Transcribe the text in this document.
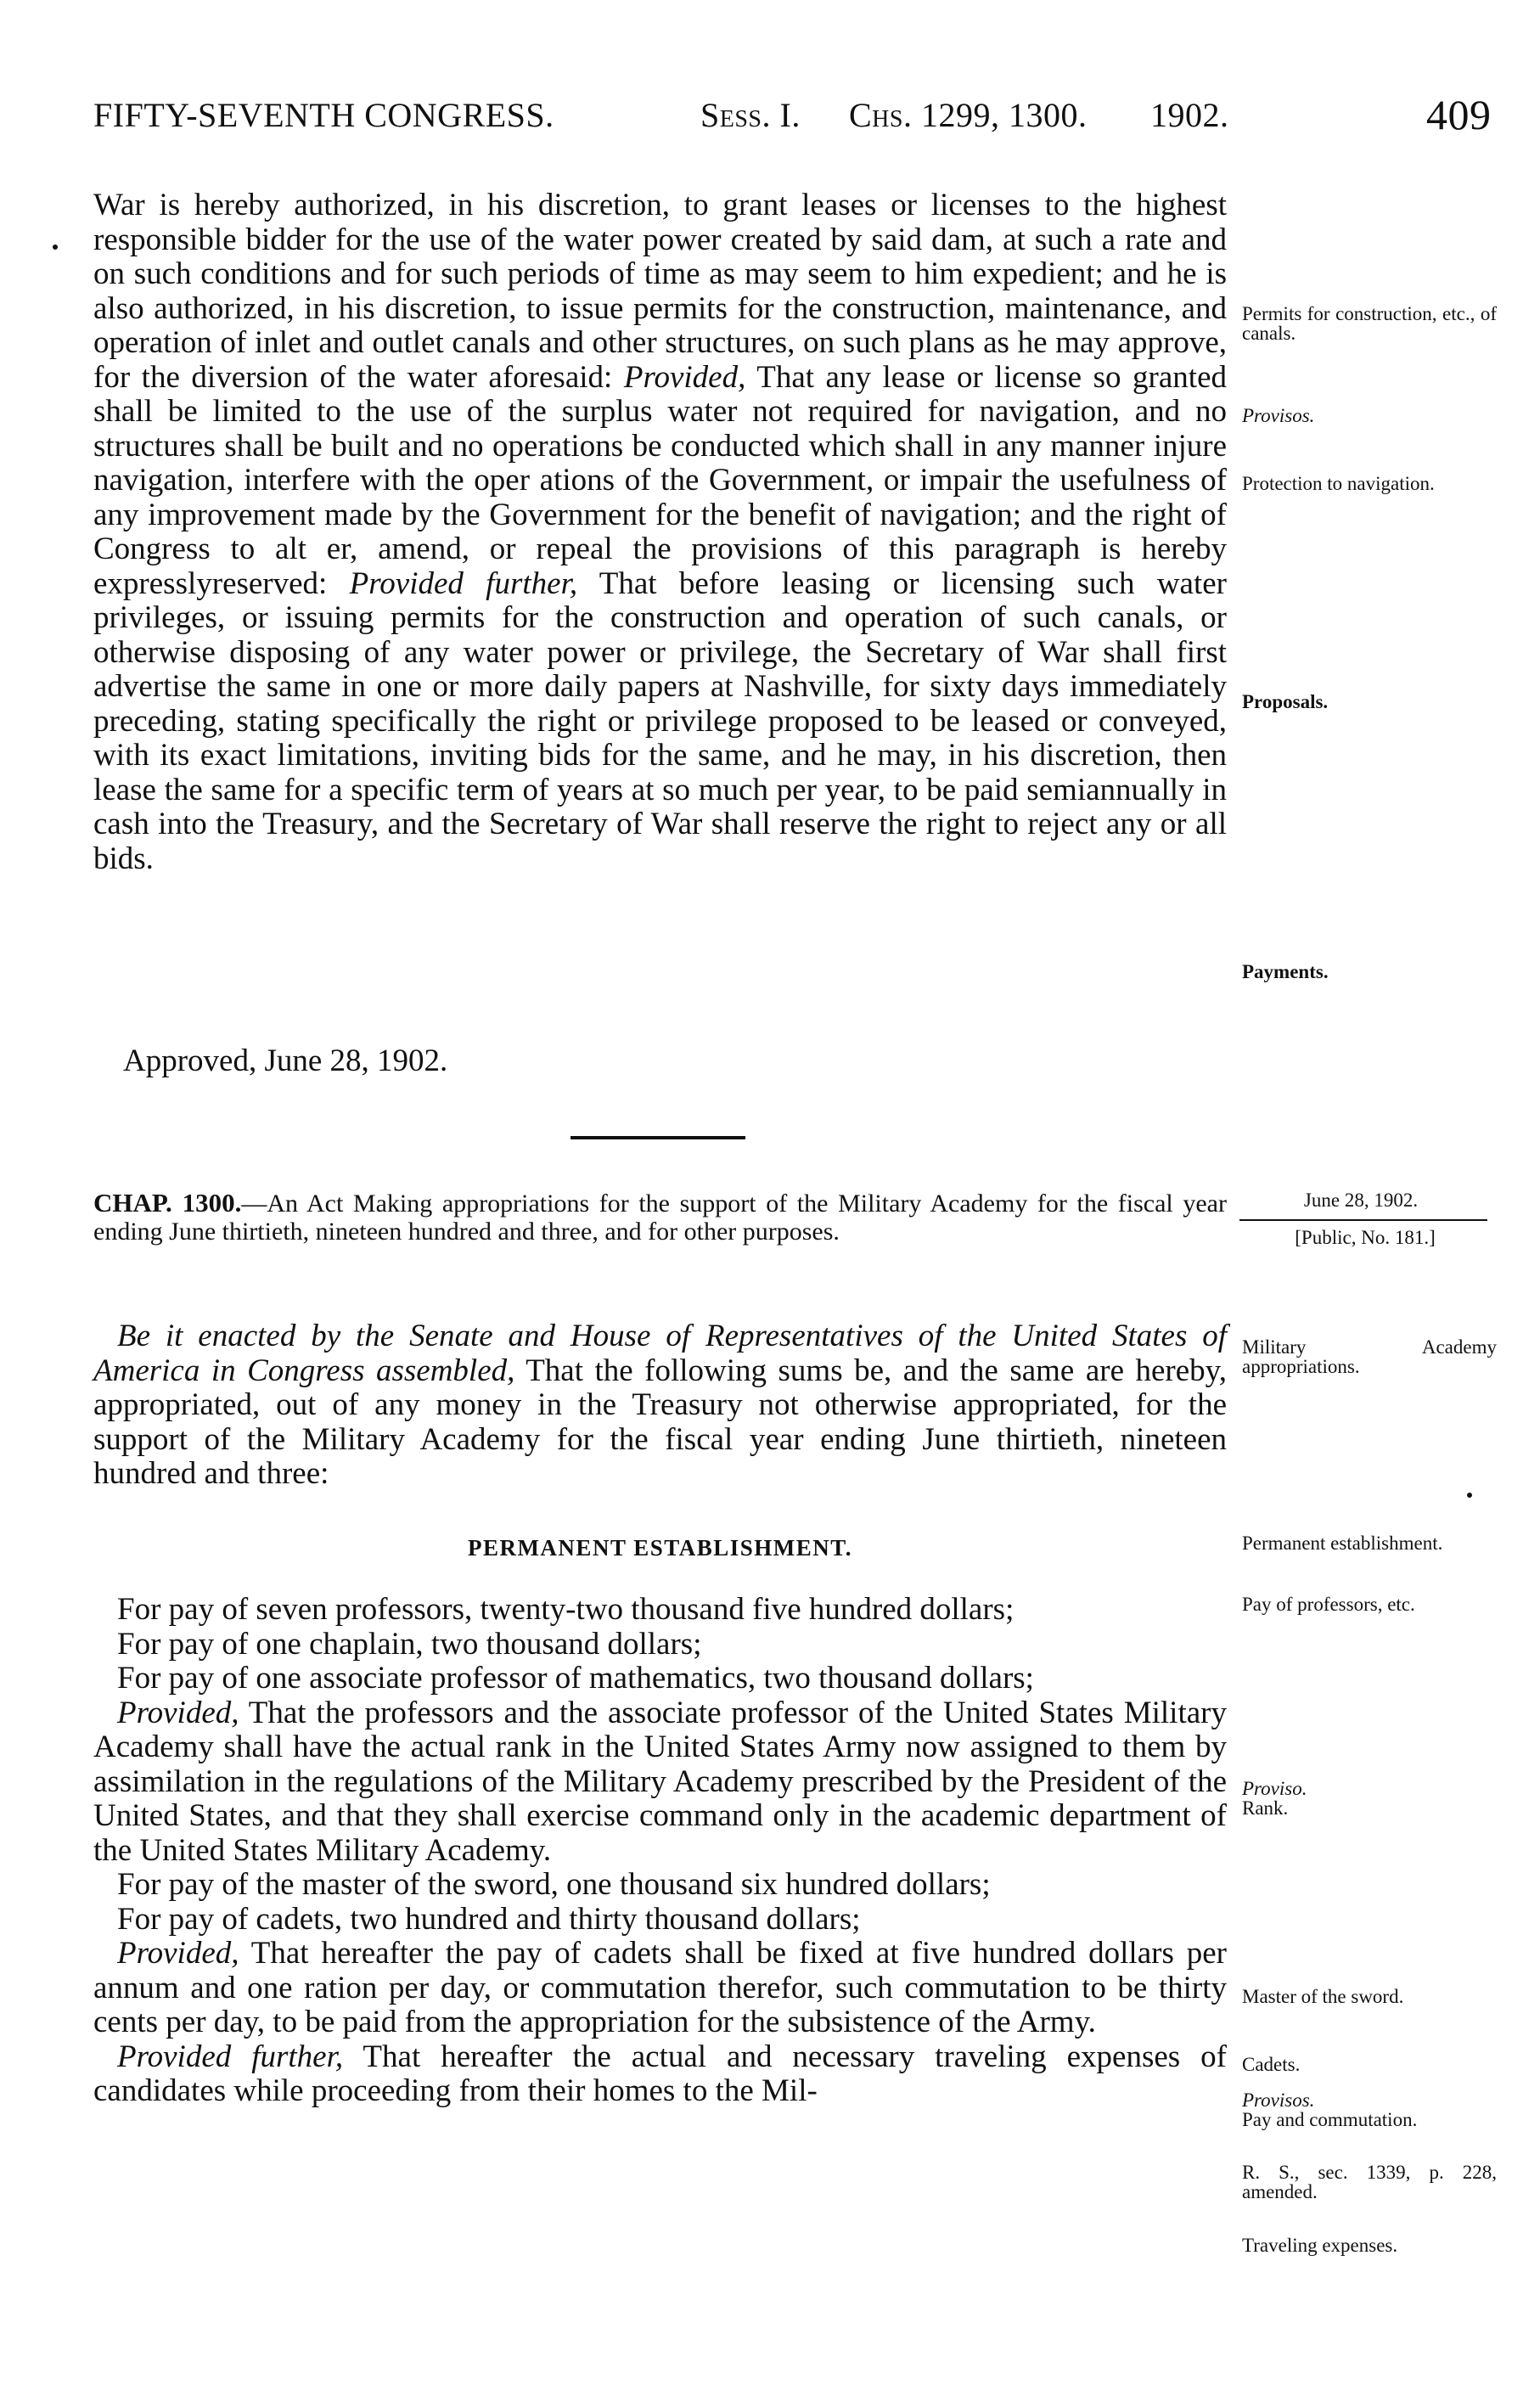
FIFTY-SEVENTH CONGRESS.	Sess. I. Chs. 1299, 1300. 1902.	409

War is hereby authorized, in his discretion, to grant leases or licenses to the highest responsible bidder for the use of the water power created by said dam, at such a rate and on such conditions and for such periods of time as may seem to him expedient; and he is also authorized, in his discretion, to issue permits for the construction, maintenance, and operation of inlet and outlet canals and other structures, on such plans as he may approve, for the diversion of the water aforesaid: Provided, That any lease or license so granted shall be limited to the use of the surplus water not required for navigation, and no structures shall be built and no operations be conducted which shall in any manner injure navigation, interfere with the oper ations of the Government, or impair the usefulness of any improvement made by the Government for the benefit of navigation; and the right of Congress to alt er, amend, or repeal the provisions of this paragraph is hereby expresslyreserved: Provided further, That before leasing or licensing such water privileges, or issuing permits for the construction and operation of such canals, or otherwise disposing of any water power or privilege, the Secretary of War shall first advertise the same in one or more daily papers at Nashville, for sixty days immediately preceding, stating specifically the right or privilege proposed to be leased or conveyed, with its exact limitations, inviting bids for the same, and he may, in his discretion, then lease the same for a specific term of years at so much per year, to be paid semiannually in cash into the Treasury, and the Secretary of War shall reserve the right to reject any or all bids.

Approved, June 28, 1902.
CHAP. 1300.—An Act Making appropriations for the support of the Military Academy for the fiscal year ending June thirtieth, nineteen hundred and three, and for other purposes.

Be it enacted by the Senate and House of Representatives of the United States of America in Congress assembled, That the following sums be, and the same are hereby, appropriated, out of any money in the Treasury not otherwise appropriated, for the support of the Military Academy for the fiscal year ending June thirtieth, nineteen hundred and three:

PERMANENT ESTABLISHMENT.

For pay of seven professors, twenty-two thousand five hundred dollars;

For pay of one chaplain, two thousand dollars;

For pay of one associate professor of mathematics, two thousand dollars;

Provided, That the professors and the associate professor of the United States Military Academy shall have the actual rank in the United States Army now assigned to them by assimilation in the regulations of the Military Academy prescribed by the President of the United States, and that they shall exercise command only in the academic department of the United States Military Academy.

For pay of the master of the sword, one thousand six hundred dollars;

For pay of cadets, two hundred and thirty thousand dollars;

Provided, That hereafter the pay of cadets shall be fixed at five hundred dollars per annum and one ration per day, or commutation therefor, such commutation to be thirty cents per day, to be paid from the appropriation for the subsistence of the Army.

Provided further, That hereafter the actual and necessary traveling expenses of candidates while proceeding from their homes to the Mil-

Permits for construction, etc., of canals.
Provisos.
Protection to navigation.
Proposals.
Payments.
June 28, 1902.
[Public, No. 181.]
Military Academy appropriations.
Permanent establishment.
Pay of professors, etc.
Proviso.
Rank.
Master of the sword.
Cadets.
Provisos.
Pay and commutation.
R. S., sec. 1339, p. 228, amended.
Traveling expenses.
